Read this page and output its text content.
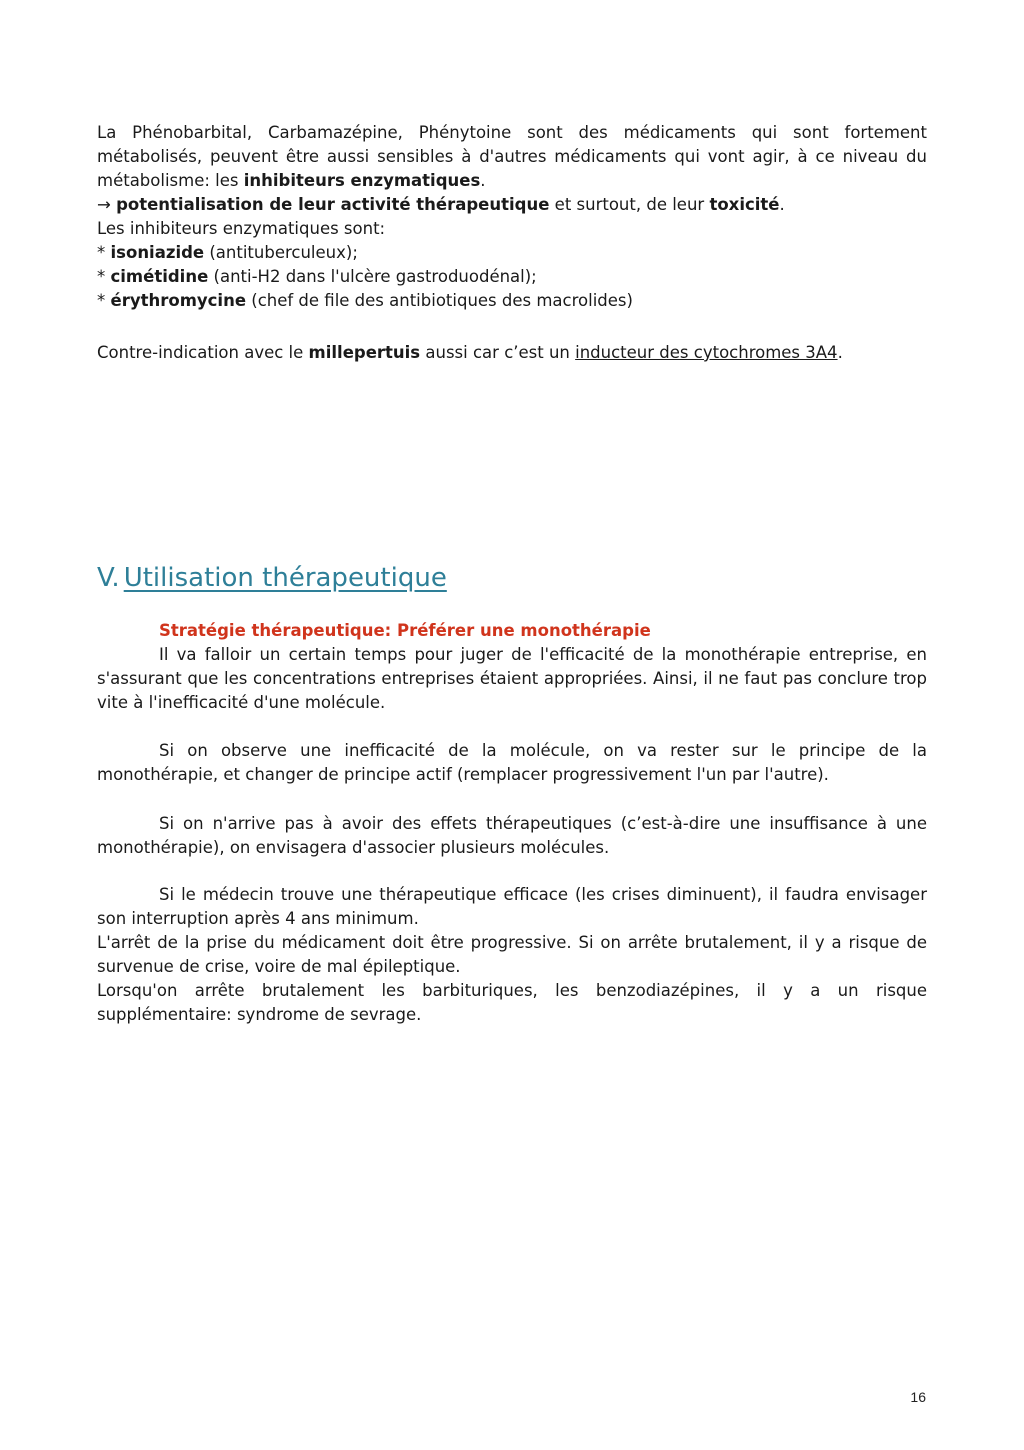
La Phénobarbital, Carbamazépine, Phénytoine sont des médicaments qui sont fortement métabolisés, peuvent être aussi sensibles à d'autres médicaments qui vont agir, à ce niveau du métabolisme: les inhibiteurs enzymatiques.
→ potentialisation de leur activité thérapeutique et surtout, de leur toxicité.
Les inhibiteurs enzymatiques sont:
* isoniazide (antituberculeux);
* cimétidine (anti-H2 dans l'ulcère gastroduodénal);
* érythromycine (chef de file des antibiotiques des macrolides)
Contre-indication avec le millepertuis aussi car c’est un inducteur des cytochromes 3A4.
V. Utilisation thérapeutique
Stratégie thérapeutique: Préférer une monothérapie
Il va falloir un certain temps pour juger de l'efficacité de la monothérapie entreprise, en s'assurant que les concentrations entreprises étaient appropriées. Ainsi, il ne faut pas conclure trop vite à l'inefficacité d'une molécule.
Si on observe une inefficacité de la molécule, on va rester sur le principe de la monothérapie, et changer de principe actif (remplacer progressivement l'un par l'autre).
Si on n'arrive pas à avoir des effets thérapeutiques (c’est-à-dire une insuffisance à une monothérapie), on envisagera d'associer plusieurs molécules.
Si le médecin trouve une thérapeutique efficace (les crises diminuent), il faudra envisager son interruption après 4 ans minimum.
L'arrêt de la prise du médicament doit être progressive. Si on arrête brutalement, il y a risque de survenue de crise, voire de mal épileptique.
Lorsqu'on arrête brutalement les barbituriques, les benzodiazépines, il y a un risque supplémentaire: syndrome de sevrage.
16
